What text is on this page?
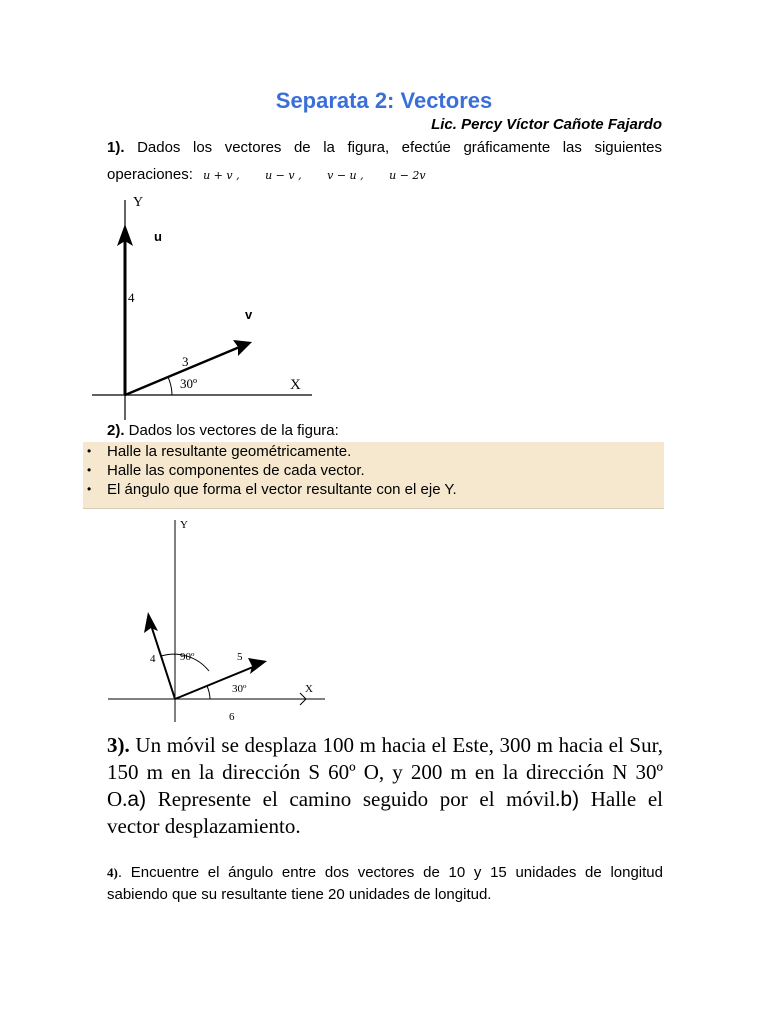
Separata 2: Vectores
Lic. Percy Víctor Cañote Fajardo
1). Dados los vectores de la figura, efectúe gráficamente las siguientes operaciones: u + v , u − v , v − u , u − 2v
Y
X
u
v
4
3
30º
2). Dados los vectores de la figura:
• Halle la resultante geométricamente.
• Halle las componentes de cada vector.
• El ángulo que forma el vector resultante con el eje Y.
Y
X
4	5
6
90º
30º
3). Un móvil se desplaza 100 m hacia el Este, 300 m hacia el Sur, 150 m en la dirección S 60º O, y 200 m en la dirección N 30º O.a) Represente el camino seguido por el móvil.b) Halle el vector desplazamiento.
4). Encuentre el ángulo entre dos vectores de 10 y 15 unidades de longitud sabiendo que su resultante tiene 20 unidades de longitud.
